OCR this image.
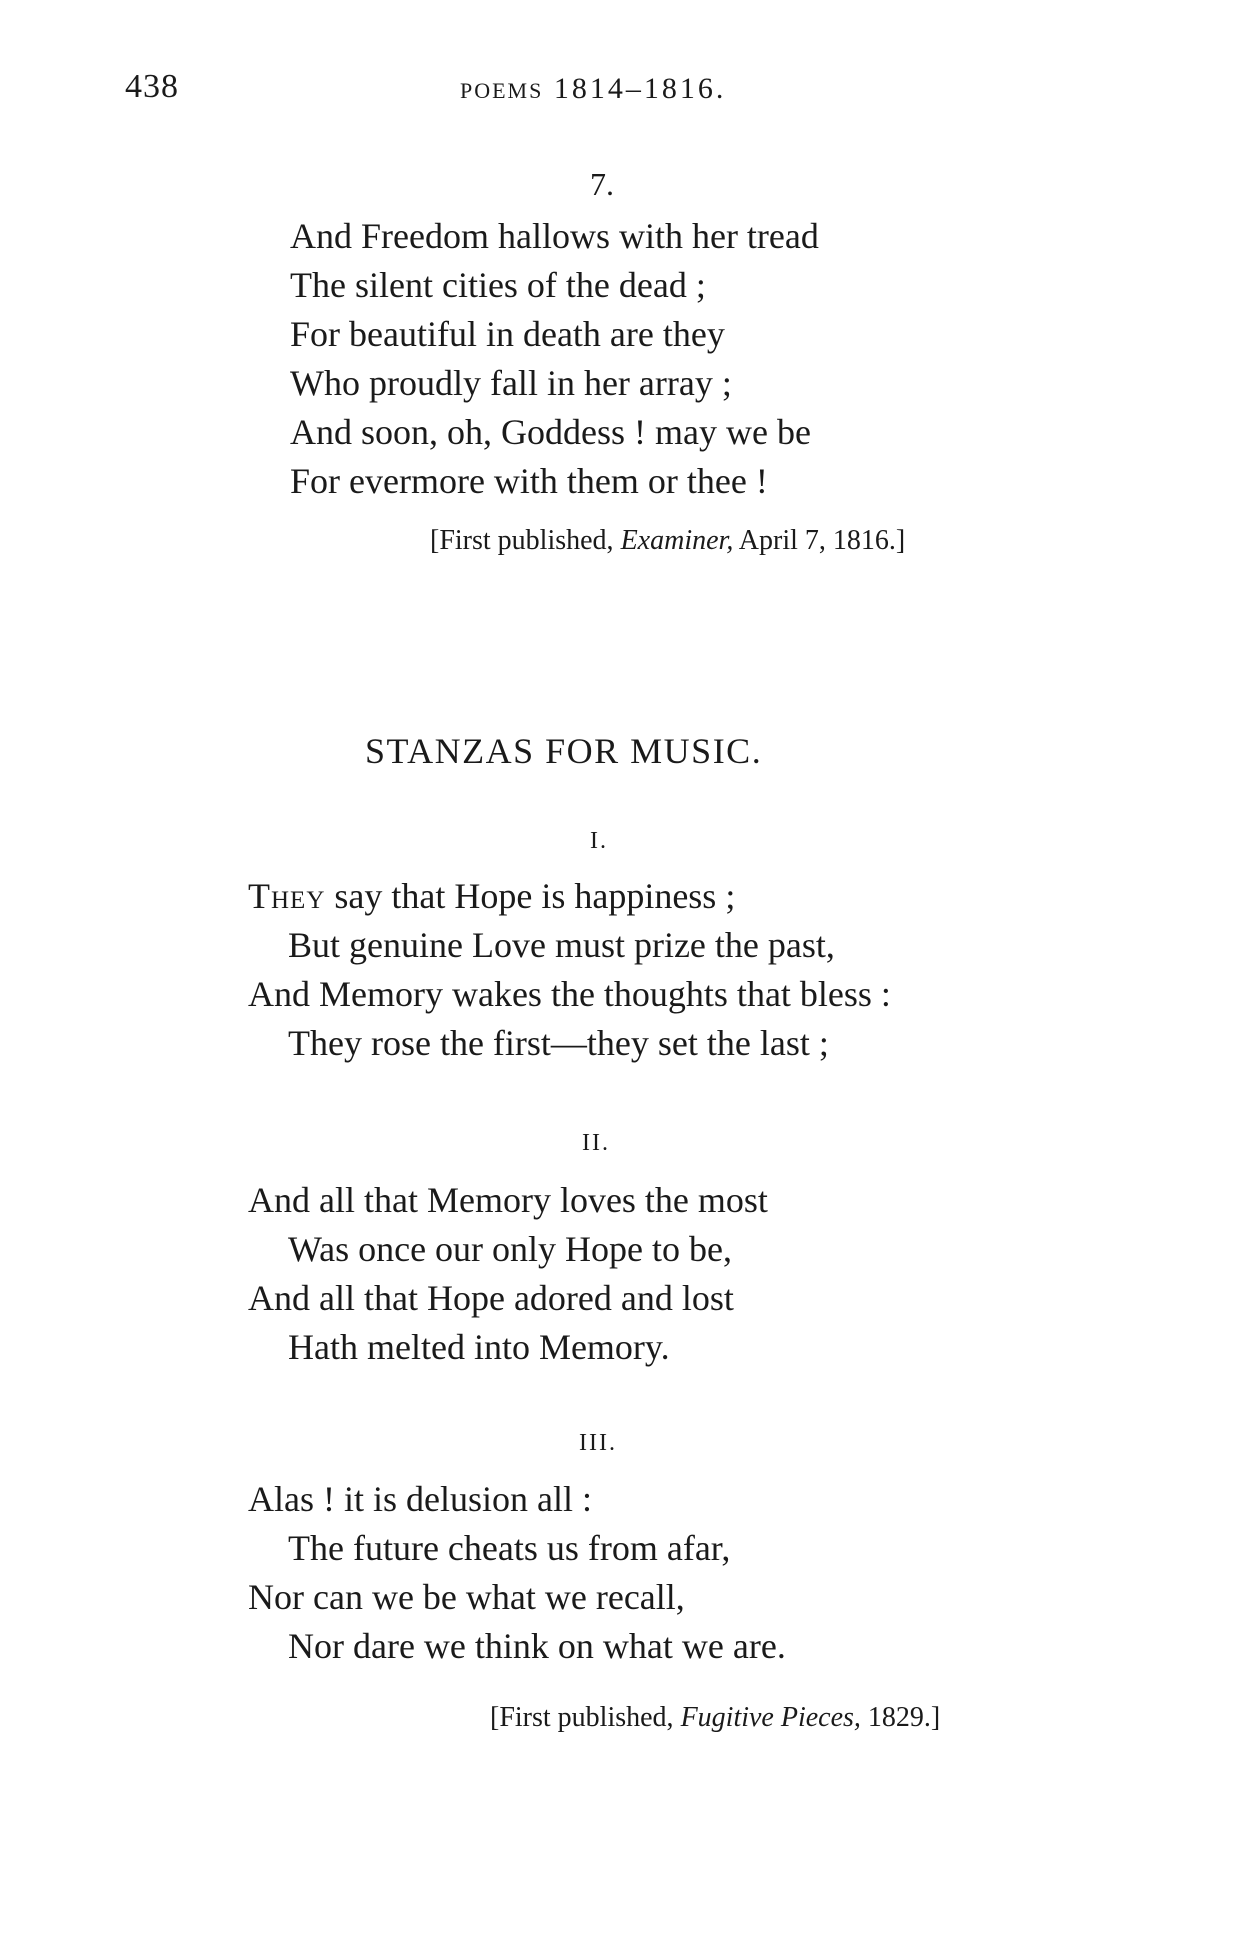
438	POEMS 1814–1816.
7.
And Freedom hallows with her tread
The silent cities of the dead ;
For beautiful in death are they
Who proudly fall in her array ;
And soon, oh, Goddess ! may we be
For evermore with them or thee !
[First published, Examiner, April 7, 1816.]
STANZAS FOR MUSIC.
I.
They say that Hope is happiness ;
But genuine Love must prize the past,
And Memory wakes the thoughts that bless :
They rose the first—they set the last ;
II.
And all that Memory loves the most
Was once our only Hope to be,
And all that Hope adored and lost
Hath melted into Memory.
III.
Alas ! it is delusion all :
The future cheats us from afar,
Nor can we be what we recall,
Nor dare we think on what we are.
[First published, Fugitive Pieces, 1829.]
